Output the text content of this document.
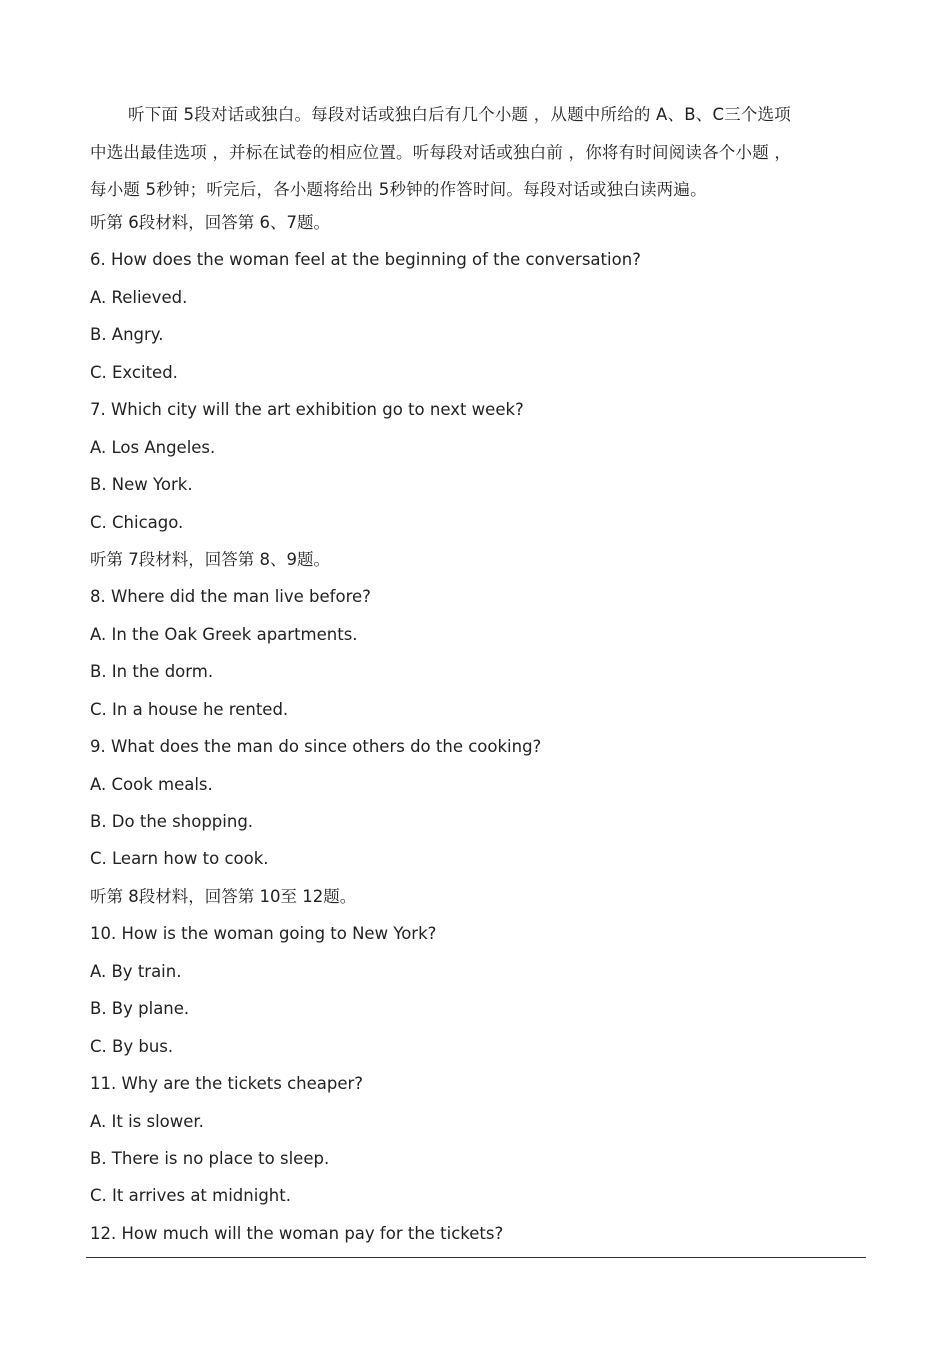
听下面 5段对话或独白。每段对话或独白后有几个小题 ，从题中所给的 A、B、C三个选项
中选出最佳选项 ，并标在试卷的相应位置。听每段对话或独白前 ，你将有时间阅读各个小题 ，
每小题 5秒钟；听完后，各小题将给出 5秒钟的作答时间。每段对话或独白读两遍。
听第 6段材料，回答第 6、7题。
6. How does the woman feel at the beginning of the conversation?
A. Relieved.
B. Angry.
C. Excited.
7. Which city will the art exhibition go to next week?
A. Los Angeles.
B. New York.
C. Chicago.
听第 7段材料，回答第 8、9题。
8. Where did the man live before?
A. In the Oak Greek apartments.
B. In the dorm.
C. In a house he rented.
9. What does the man do since others do the cooking?
A. Cook meals.
B. Do the shopping.
C. Learn how to cook.
听第 8段材料，回答第 10至 12题。
10. How is the woman going to New York?
A. By train.
B. By plane.
C. By bus.
11. Why are the tickets cheaper?
A. It is slower.
B. There is no place to sleep.
C. It arrives at midnight.
12. How much will the woman pay for the tickets?
